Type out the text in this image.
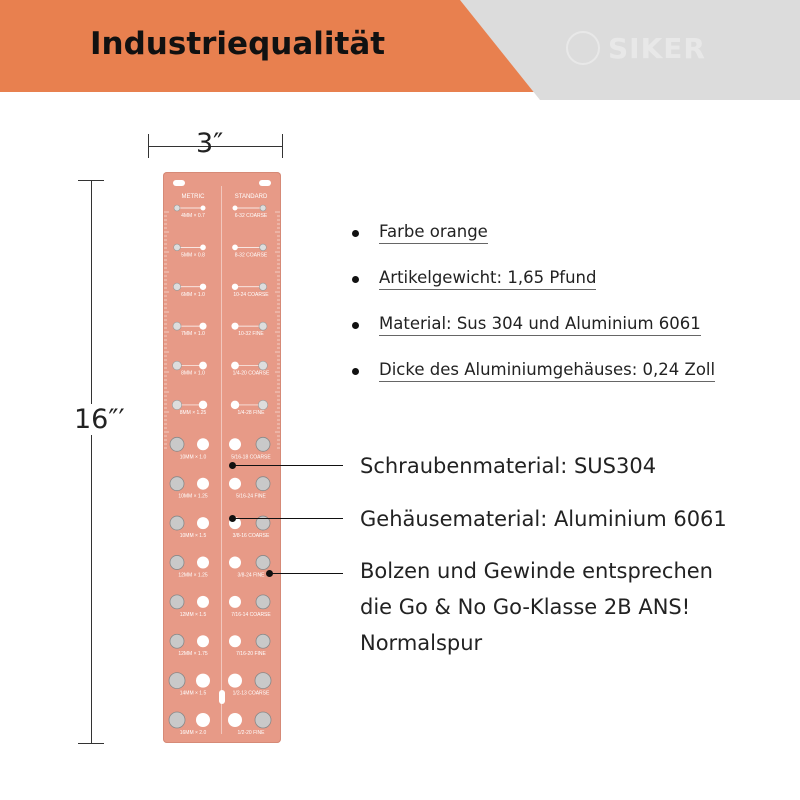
SIKER
Industriequalität
3″
16″′
METRIC	STANDARD
4MM × 0.7	6-32 COARSE
5MM × 0.8	8-32 COARSE
6MM × 1.0	10-24 COARSE
7MM × 1.0	10-32 FINE
8MM × 1.0	1/4-20 COARSE
8MM × 1.25	1/4-28 FINE
10MM × 1.0	5/16-18 COARSE
10MM × 1.25	5/16-24 FINE
10MM × 1.5	3/8-16 COARSE
12MM × 1.25	3/8-24 FINE
12MM × 1.5	7/16-14 COARSE
12MM × 1.75	7/16-20 FINE
14MM × 1.5	1/2-13 COARSE
16MM × 2.0	1/2-20 FINE
Farbe orange
Artikelgewicht: 1,65 Pfund
Material: Sus 304 und Aluminium 6061
Dicke des Aluminiumgehäuses: 0,24 Zoll
Schraubenmaterial: SUS304
Gehäusematerial: Aluminium 6061
Bolzen und Gewinde entsprechen
die Go & No Go-Klasse 2B ANS!
Normalspur
